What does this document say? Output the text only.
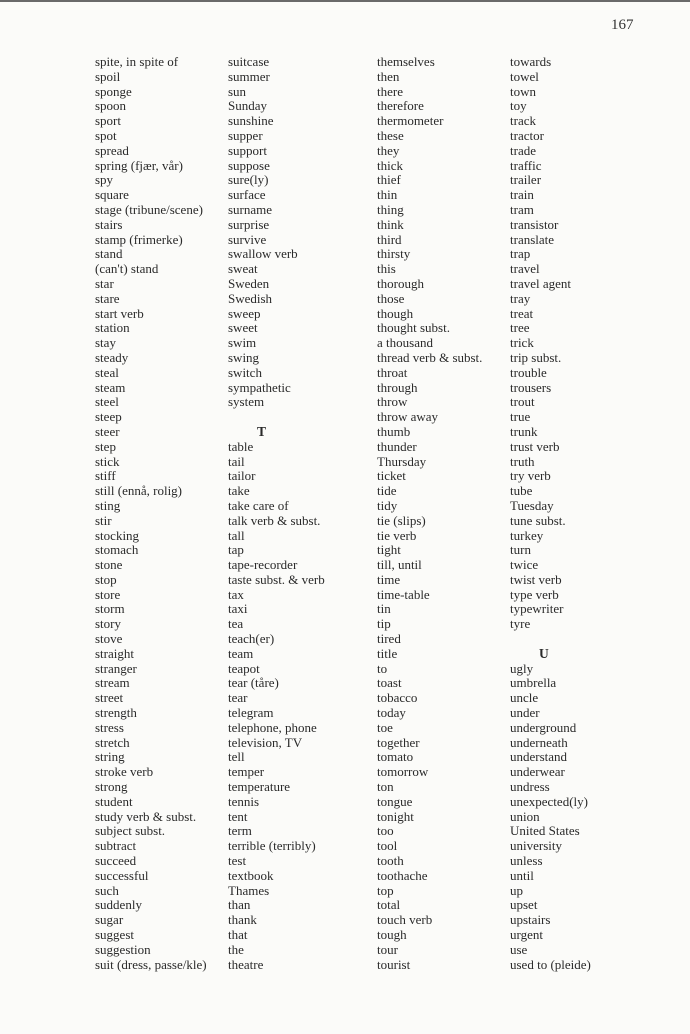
167
spite, in spite of
spoil
sponge
spoon
sport
spot
spread
spring (fjær, vår)
spy
square
stage (tribune/scene)
stairs
stamp (frimerke)
stand
(can't) stand
star
stare
start verb
station
stay
steady
steal
steam
steel
steep
steer
step
stick
stiff
still (ennå, rolig)
sting
stir
stocking
stomach
stone
stop
store
storm
story
stove
straight
stranger
stream
street
strength
stress
stretch
string
stroke verb
strong
student
study verb & subst.
subject subst.
subtract
succeed
successful
such
suddenly
sugar
suggest
suggestion
suit (dress, passe/kle)
suitcase
summer
sun
Sunday
sunshine
supper
support
suppose
sure(ly)
surface
surname
surprise
survive
swallow verb
sweat
Sweden
Swedish
sweep
sweet
swim
swing
switch
sympathetic
system
T
table
tail
tailor
take
take care of
talk verb & subst.
tall
tap
tape-recorder
taste subst. & verb
tax
taxi
tea
teach(er)
team
teapot
tear (tåre)
tear
telegram
telephone, phone
television, TV
tell
temper
temperature
tennis
tent
term
terrible (terribly)
test
textbook
Thames
than
thank
that
the
theatre
themselves
then
there
therefore
thermometer
these
they
thick
thief
thin
thing
think
third
thirsty
this
thorough
those
though
thought subst.
a thousand
thread verb & subst.
throat
through
throw
throw away
thumb
thunder
Thursday
ticket
tide
tidy
tie (slips)
tie verb
tight
till, until
time
time-table
tin
tip
tired
title
to
toast
tobacco
today
toe
together
tomato
tomorrow
ton
tongue
tonight
too
tool
tooth
toothache
top
total
touch verb
tough
tour
tourist
towards
towel
town
toy
track
tractor
trade
traffic
trailer
train
tram
transistor
translate
trap
travel
travel agent
tray
treat
tree
trick
trip subst.
trouble
trousers
trout
true
trunk
trust verb
truth
try verb
tube
Tuesday
tune subst.
turkey
turn
twice
twist verb
type verb
typewriter
tyre
U
ugly
umbrella
uncle
under
underground
underneath
understand
underwear
undress
unexpected(ly)
union
United States
university
unless
until
up
upset
upstairs
urgent
use
used to (pleide)
